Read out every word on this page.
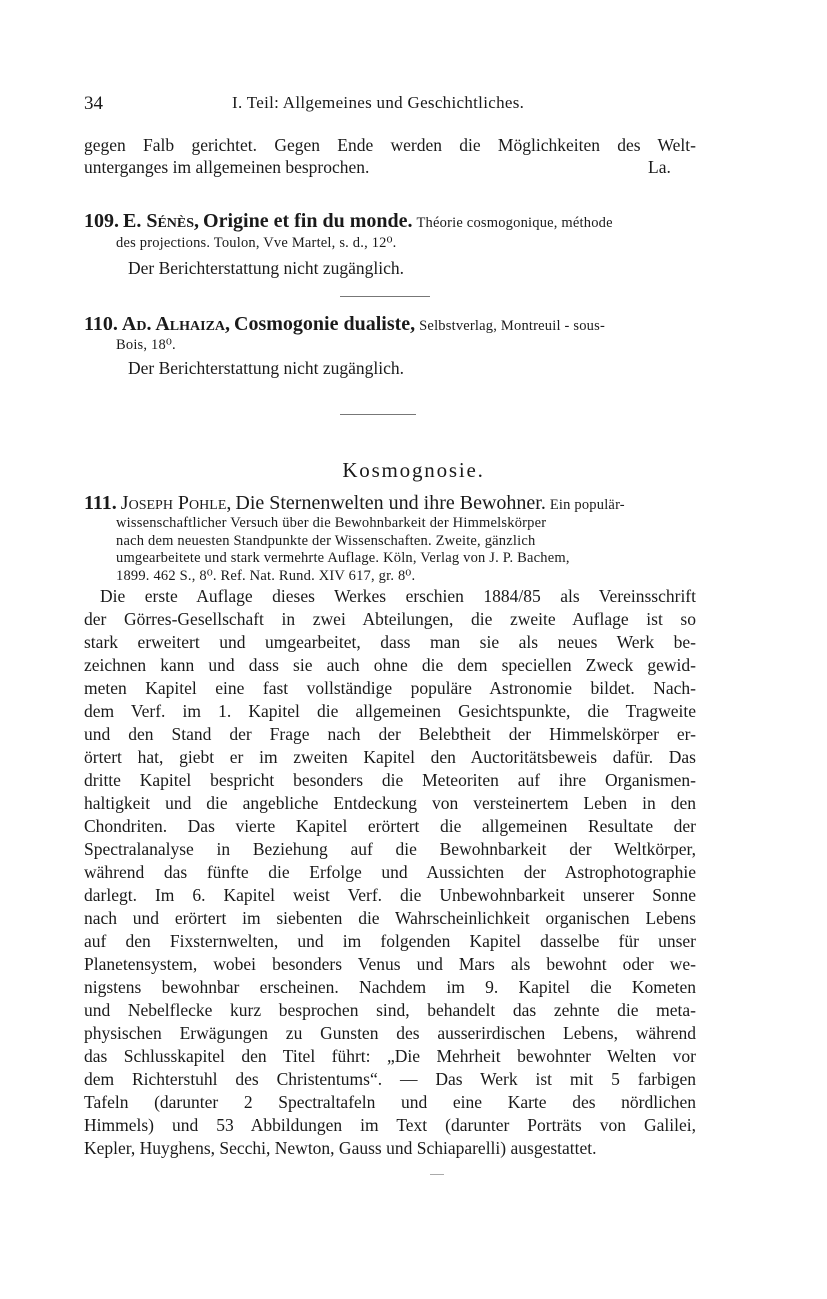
34	I. Teil: Allgemeines und Geschichtliches.
gegen Falb gerichtet. Gegen Ende werden die Möglichkeiten des Welt-
unterganges im allgemeinen besprochen.	La.
109. E. Sénès, Origine et fin du monde. Théorie cosmogonique, méthode
des projections. Toulon, Vve Martel, s. d., 12⁰.
Der Berichterstattung nicht zugänglich.
110. Ad. Alhaiza, Cosmogonie dualiste, Selbstverlag, Montreuil - sous-
Bois, 18⁰.
Der Berichterstattung nicht zugänglich.
Kosmognosie.
111. Joseph Pohle, Die Sternenwelten und ihre Bewohner. Ein populär-
wissenschaftlicher Versuch über die Bewohnbarkeit der Himmelskörper
nach dem neuesten Standpunkte der Wissenschaften. Zweite, gänzlich
umgearbeitete und stark vermehrte Auflage. Köln, Verlag von J. P. Bachem,
1899. 462 S., 8⁰. Ref. Nat. Rund. XIV 617, gr. 8⁰.
Die erste Auflage dieses Werkes erschien 1884/85 als Vereinsschrift
der Görres-Gesellschaft in zwei Abteilungen, die zweite Auflage ist so
stark erweitert und umgearbeitet, dass man sie als neues Werk be-
zeichnen kann und dass sie auch ohne die dem speciellen Zweck gewid-
meten Kapitel eine fast vollständige populäre Astronomie bildet. Nach-
dem Verf. im 1. Kapitel die allgemeinen Gesichtspunkte, die Tragweite
und den Stand der Frage nach der Belebtheit der Himmelskörper er-
örtert hat, giebt er im zweiten Kapitel den Auctoritätsbeweis dafür. Das
dritte Kapitel bespricht besonders die Meteoriten auf ihre Organismen-
haltigkeit und die angebliche Entdeckung von versteinertem Leben in den
Chondriten. Das vierte Kapitel erörtert die allgemeinen Resultate der
Spectralanalyse in Beziehung auf die Bewohnbarkeit der Weltkörper,
während das fünfte die Erfolge und Aussichten der Astrophotographie
darlegt. Im 6. Kapitel weist Verf. die Unbewohnbarkeit unserer Sonne
nach und erörtert im siebenten die Wahrscheinlichkeit organischen Lebens
auf den Fixsternwelten, und im folgenden Kapitel dasselbe für unser
Planetensystem, wobei besonders Venus und Mars als bewohnt oder we-
nigstens bewohnbar erscheinen. Nachdem im 9. Kapitel die Kometen
und Nebelflecke kurz besprochen sind, behandelt das zehnte die meta-
physischen Erwägungen zu Gunsten des ausserirdischen Lebens, während
das Schlusskapitel den Titel führt: „Die Mehrheit bewohnter Welten vor
dem Richterstuhl des Christentums“. — Das Werk ist mit 5 farbigen
Tafeln (darunter 2 Spectraltafeln und eine Karte des nördlichen
Himmels) und 53 Abbildungen im Text (darunter Porträts von Galilei,
Kepler, Huyghens, Secchi, Newton, Gauss und Schiaparelli) ausgestattet.
